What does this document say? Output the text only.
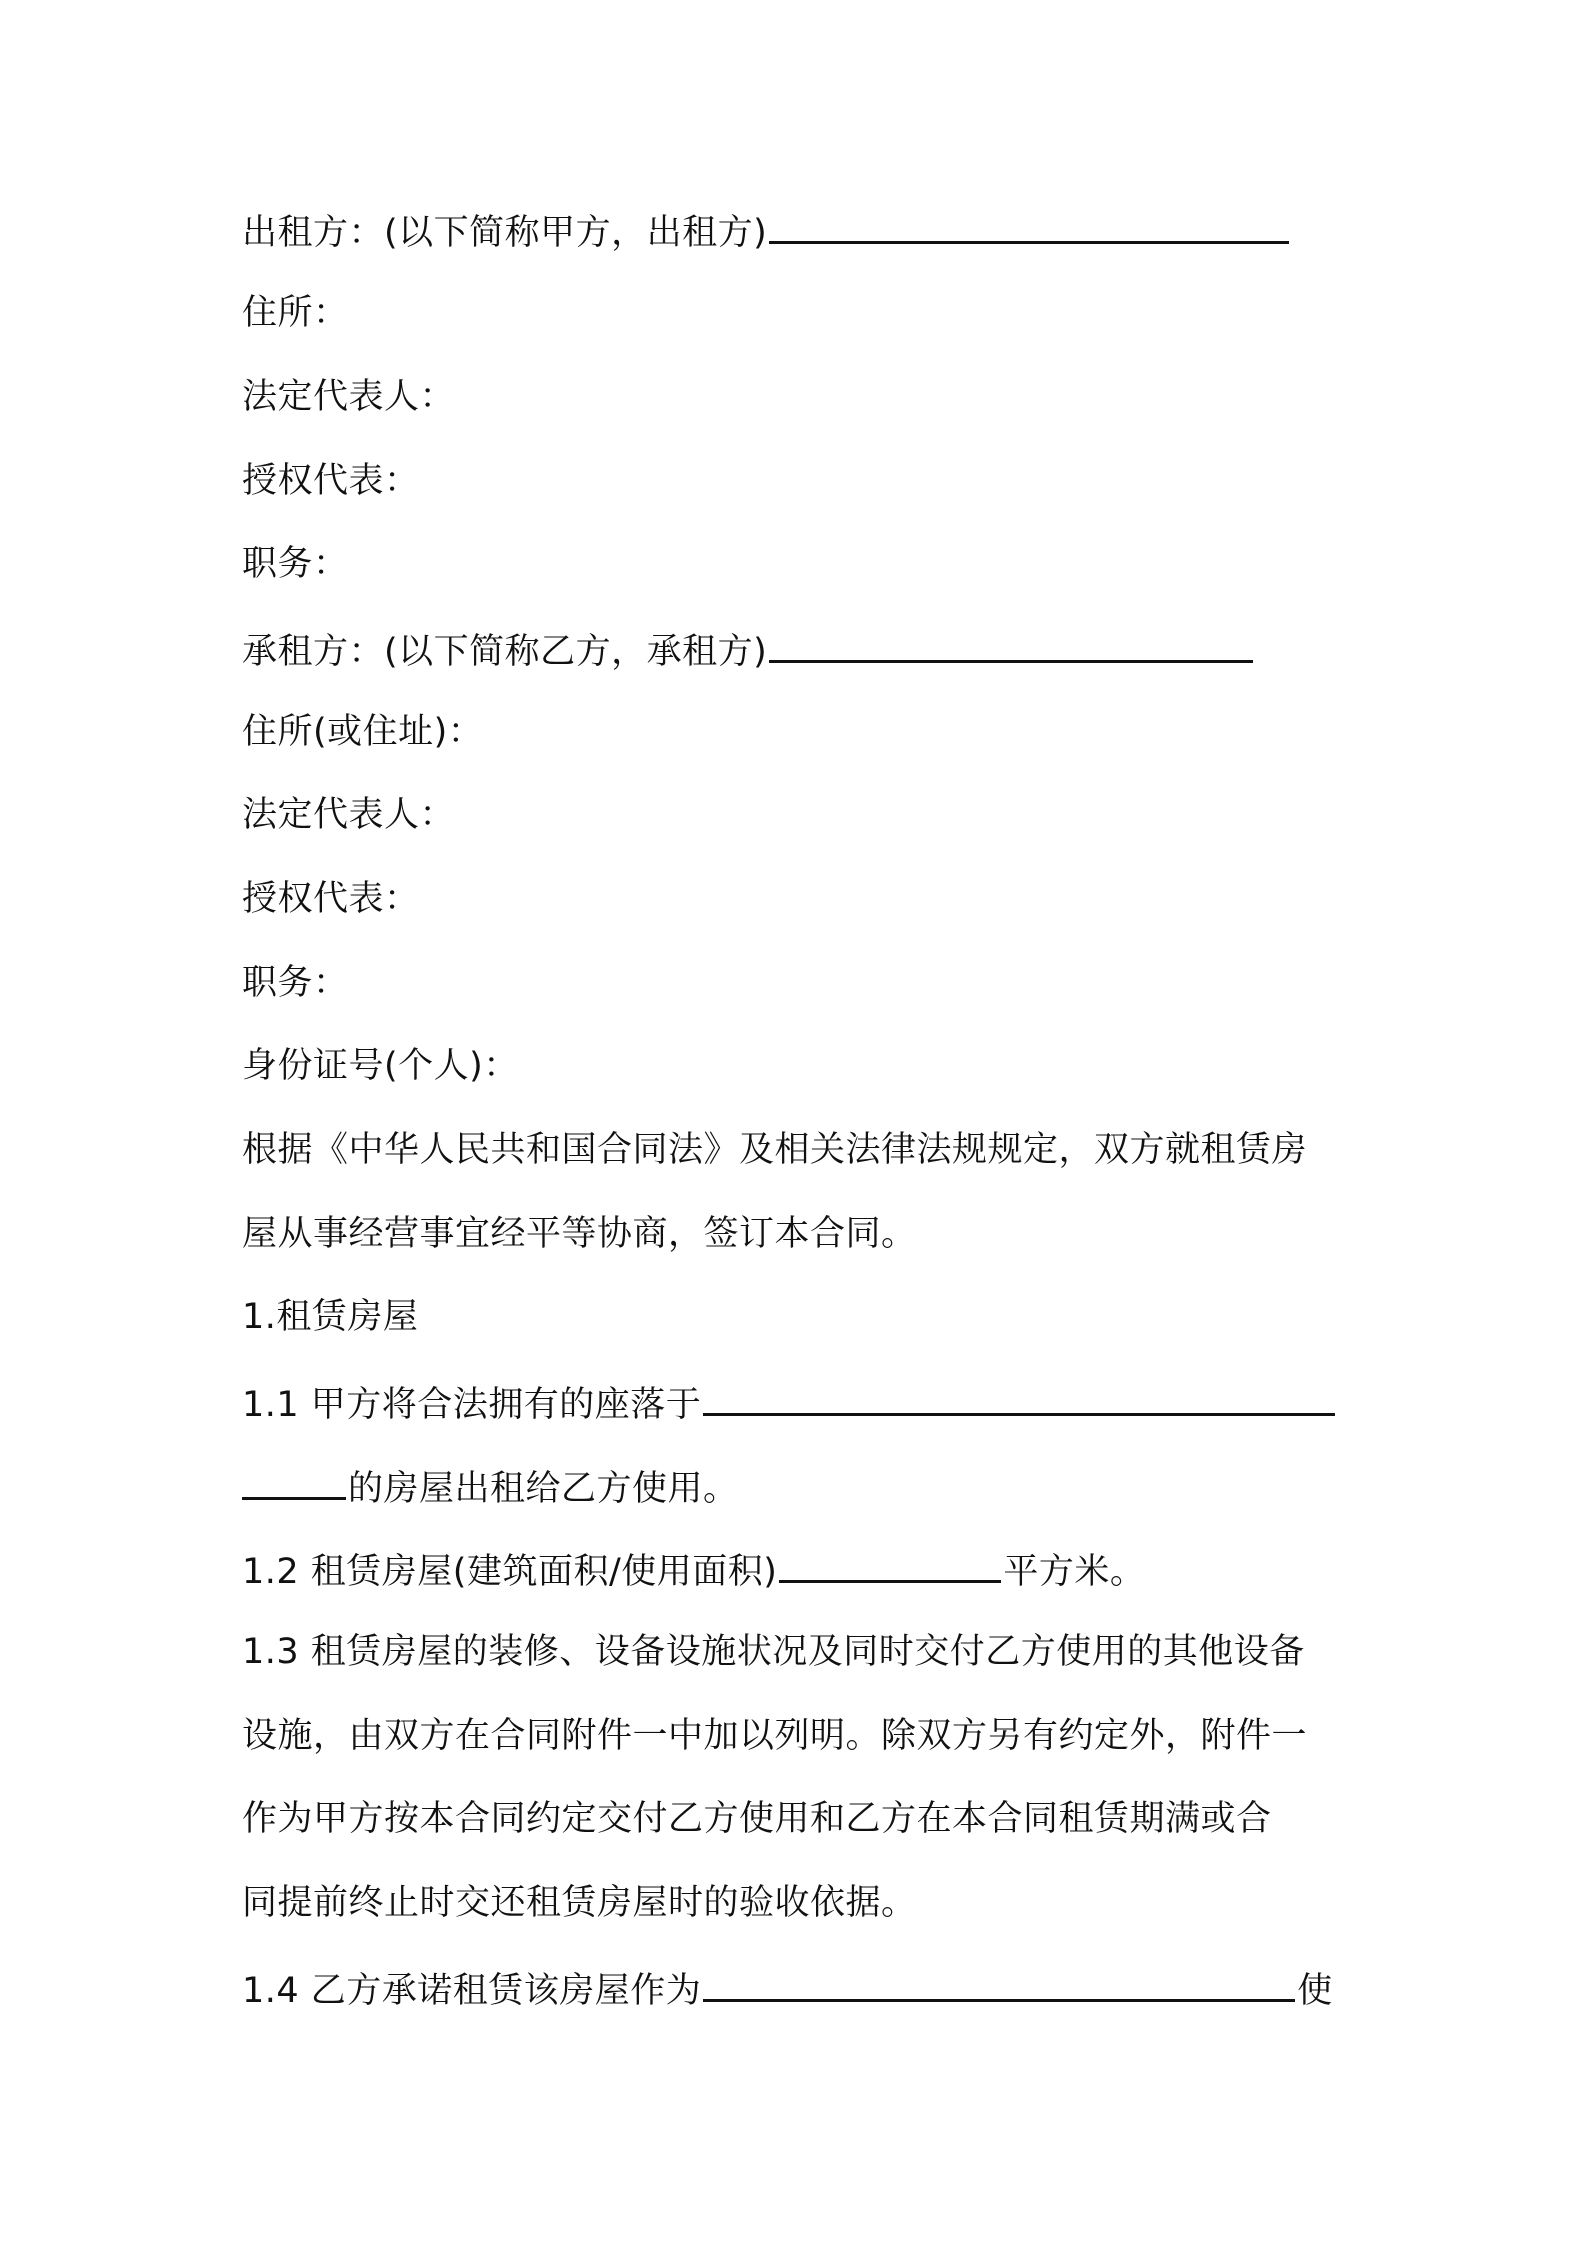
出租方：(以下简称甲方，出租方)
住所：
法定代表人：
授权代表：
职务：
承租方：(以下简称乙方，承租方)
住所(或住址)：
法定代表人：
授权代表：
职务：
身份证号(个人)：
根据《中华人民共和国合同法》及相关法律法规规定，双方就租赁房
屋从事经营事宜经平等协商，签订本合同。
1.租赁房屋
1.1 甲方将合法拥有的座落于
的房屋出租给乙方使用。
1.2 租赁房屋(建筑面积/使用面积)	平方米。
1.3 租赁房屋的装修、设备设施状况及同时交付乙方使用的其他设备
设施，由双方在合同附件一中加以列明。除双方另有约定外，附件一
作为甲方按本合同约定交付乙方使用和乙方在本合同租赁期满或合
同提前终止时交还租赁房屋时的验收依据。
1.4 乙方承诺租赁该房屋作为	使
